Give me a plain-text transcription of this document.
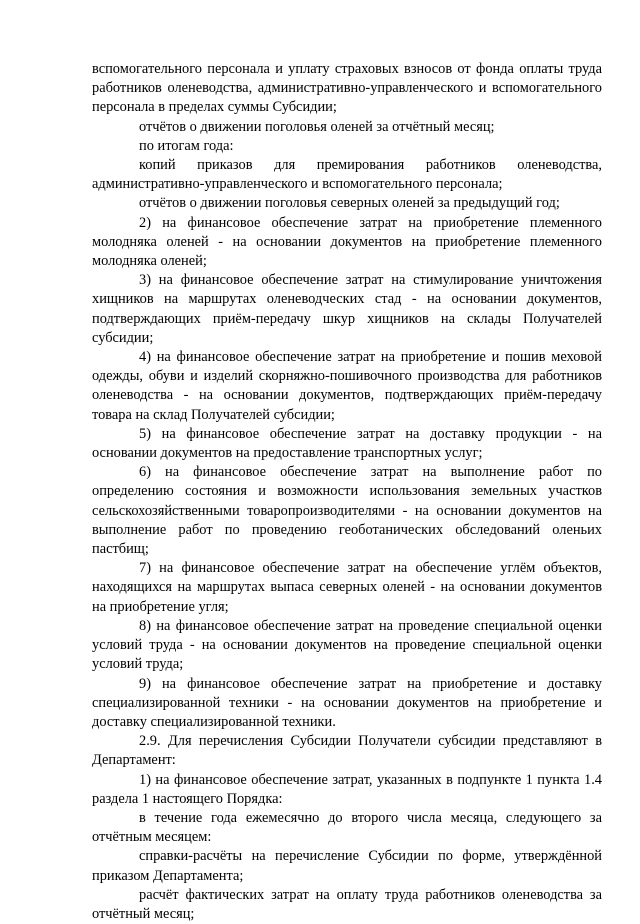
вспомогательного персонала и уплату страховых взносов от фонда оплаты труда работников оленеводства, административно-управленческого и вспомогательного персонала в пределах суммы Субсидии;

отчётов о движении поголовья оленей за отчётный месяц;

по итогам года:

копий приказов для премирования работников оленеводства, административно-управленческого и вспомогательного персонала;

отчётов о движении поголовья северных оленей за предыдущий год;

2) на финансовое обеспечение затрат на приобретение племенного молодняка оленей - на основании документов на приобретение племенного молодняка оленей;

3) на финансовое обеспечение затрат на стимулирование уничтожения хищников на маршрутах оленеводческих стад - на основании документов, подтверждающих приём-передачу шкур хищников на склады Получателей субсидии;

4) на финансовое обеспечение затрат на приобретение и пошив меховой одежды, обуви и изделий скорняжно-пошивочного производства для работников оленеводства - на основании документов, подтверждающих приём-передачу товара на склад Получателей субсидии;

5) на финансовое обеспечение затрат на доставку продукции - на основании документов на предоставление транспортных услуг;

6) на финансовое обеспечение затрат на выполнение работ по определению состояния и возможности использования земельных участков сельскохозяйственными товаропроизводителями - на основании документов на выполнение работ по проведению геоботанических обследований оленьих пастбищ;

7) на финансовое обеспечение затрат на обеспечение углём объектов, находящихся на маршрутах выпаса северных оленей - на основании документов на приобретение угля;

8) на финансовое обеспечение затрат на проведение специальной оценки условий труда - на основании документов на проведение специальной оценки условий труда;

9) на финансовое обеспечение затрат на приобретение и доставку специализированной техники - на основании документов на приобретение и доставку специализированной техники.

2.9. Для перечисления Субсидии Получатели субсидии представляют в Департамент:

1) на финансовое обеспечение затрат, указанных в подпункте 1 пункта 1.4 раздела 1 настоящего Порядка:

в течение года ежемесячно до второго числа месяца, следующего за отчётным месяцем:

справки-расчёты на перечисление Субсидии по форме, утверждённой приказом Департамента;

расчёт фактических затрат на оплату труда работников оленеводства за отчётный месяц;
